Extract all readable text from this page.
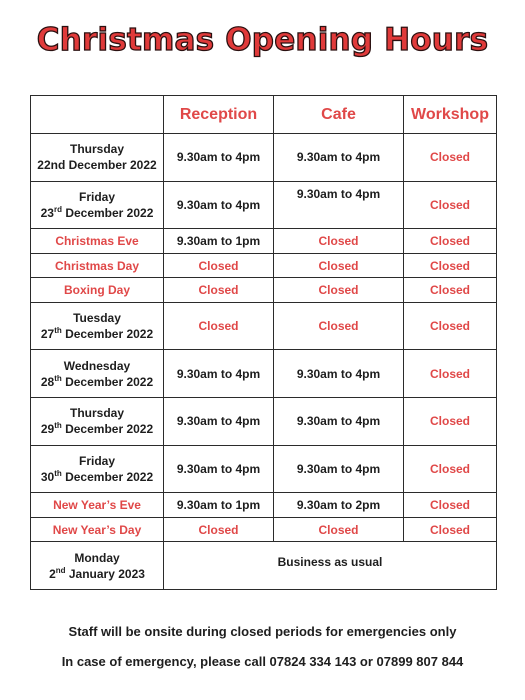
Christmas Opening Hours
	Reception	Cafe	Workshop

Thursday
22nd December 2022	9.30am to 4pm	9.30am to 4pm	Closed

Friday
23rd December 2022	9.30am to 4pm	9.30am to 4pm	Closed
Christmas Eve	9.30am to 1pm	Closed	Closed
Christmas Day	Closed	Closed	Closed
Boxing Day	Closed	Closed	Closed

Tuesday
27th December 2022	Closed	Closed	Closed

Wednesday
28th December 2022	9.30am to 4pm	9.30am to 4pm	Closed

Thursday
29th December 2022	9.30am to 4pm	9.30am to 4pm	Closed

Friday
30th December 2022	9.30am to 4pm	9.30am to 4pm	Closed
New Year’s Eve	9.30am to 1pm	9.30am to 2pm	Closed
New Year’s Day	Closed	Closed	Closed

Monday
2nd January 2023	Business as usual		
Staff will be onsite during closed periods for emergencies only
In case of emergency, please call 07824 334 143 or 07899 807 844
